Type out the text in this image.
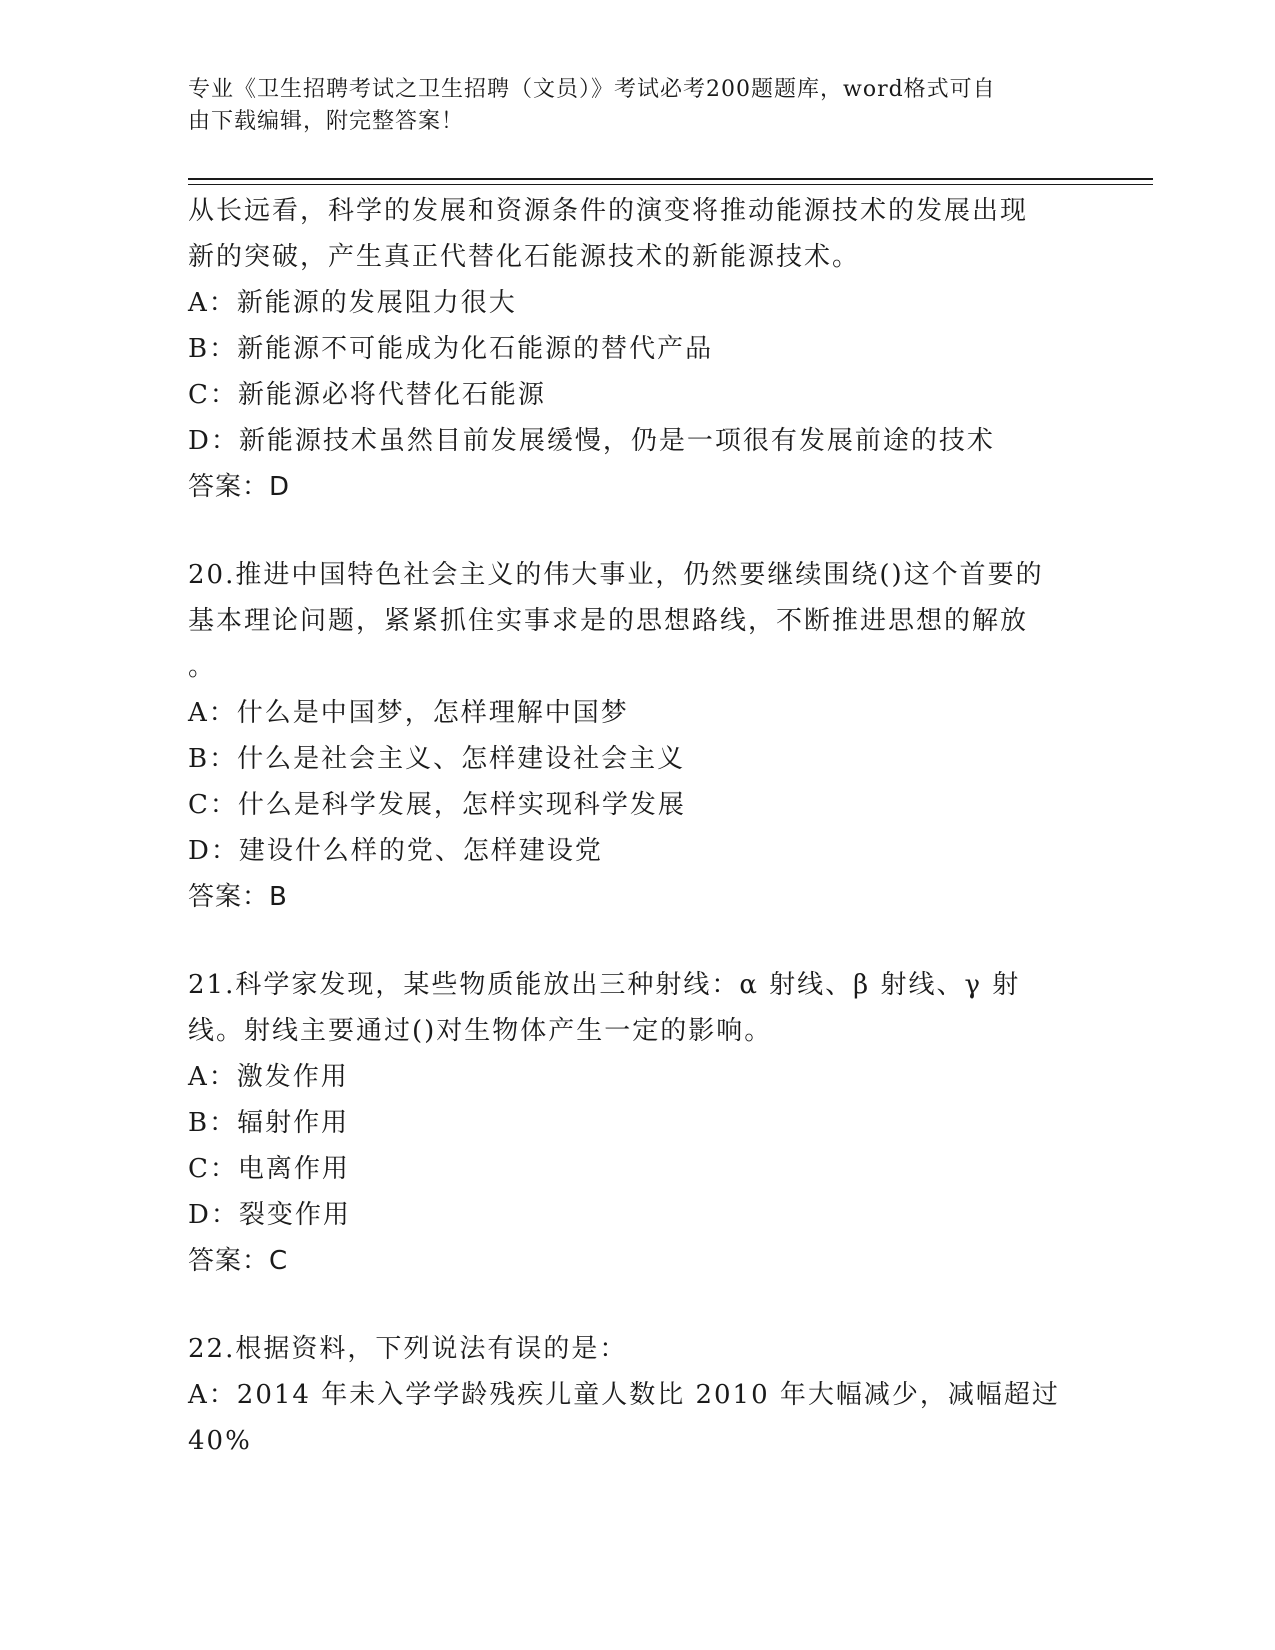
专业《卫生招聘考试之卫生招聘（文员）》考试必考200题题库，word格式可自
由下载编辑，附完整答案！
从长远看，科学的发展和资源条件的演变将推动能源技术的发展出现
新的突破，产生真正代替化石能源技术的新能源技术。
A：新能源的发展阻力很大
B：新能源不可能成为化石能源的替代产品
C：新能源必将代替化石能源
D：新能源技术虽然目前发展缓慢，仍是一项很有发展前途的技术
答案：D
20.推进中国特色社会主义的伟大事业，仍然要继续围绕()这个首要的
基本理论问题，紧紧抓住实事求是的思想路线，不断推进思想的解放
。
A：什么是中国梦，怎样理解中国梦
B：什么是社会主义、怎样建设社会主义
C：什么是科学发展，怎样实现科学发展
D：建设什么样的党、怎样建设党
答案：B
21.科学家发现，某些物质能放出三种射线：α 射线、β 射线、γ 射
线。射线主要通过()对生物体产生一定的影响。
A：激发作用
B：辐射作用
C：电离作用
D：裂变作用
答案：C
22.根据资料，下列说法有误的是：
A：2014 年未入学学龄残疾儿童人数比 2010 年大幅减少，减幅超过
40%
